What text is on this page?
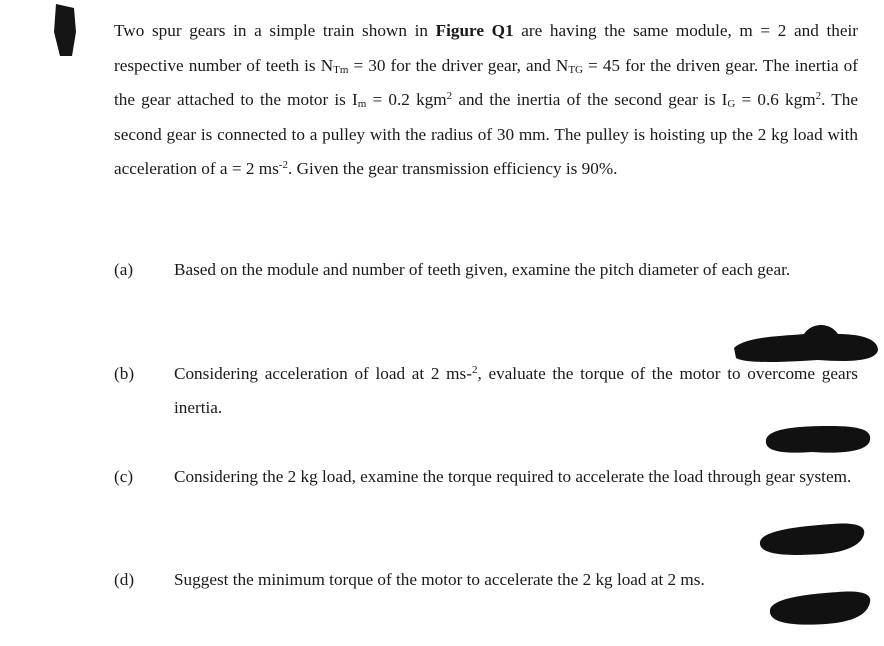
Two spur gears in a simple train shown in Figure Q1 are having the same module, m = 2 and their respective number of teeth is $N_{Tm} = 30$ for the driver gear, and $N_{TG} = 45$ for the driven gear. The inertia of the gear attached to the motor is $I_m = 0.2$ kgm$^2$ and the inertia of the second gear is $I_G = 0.6$ kgm$^2$. The second gear is connected to a pulley with the radius of 30 mm. The pulley is hoisting up the 2 kg load with acceleration of a = 2 $ms^{-2}$. Given the gear transmission efficiency is 90%.
(a) Based on the module and number of teeth given, examine the pitch diameter of each gear.
(b) Considering acceleration of load at 2 ms-$^2$, evaluate the torque of the motor to overcome gears inertia.
(c) Considering the 2 kg load, examine the torque required to accelerate the load through gear system.
(d) Suggest the minimum torque of the motor to accelerate the 2 kg load at 2 ms.
